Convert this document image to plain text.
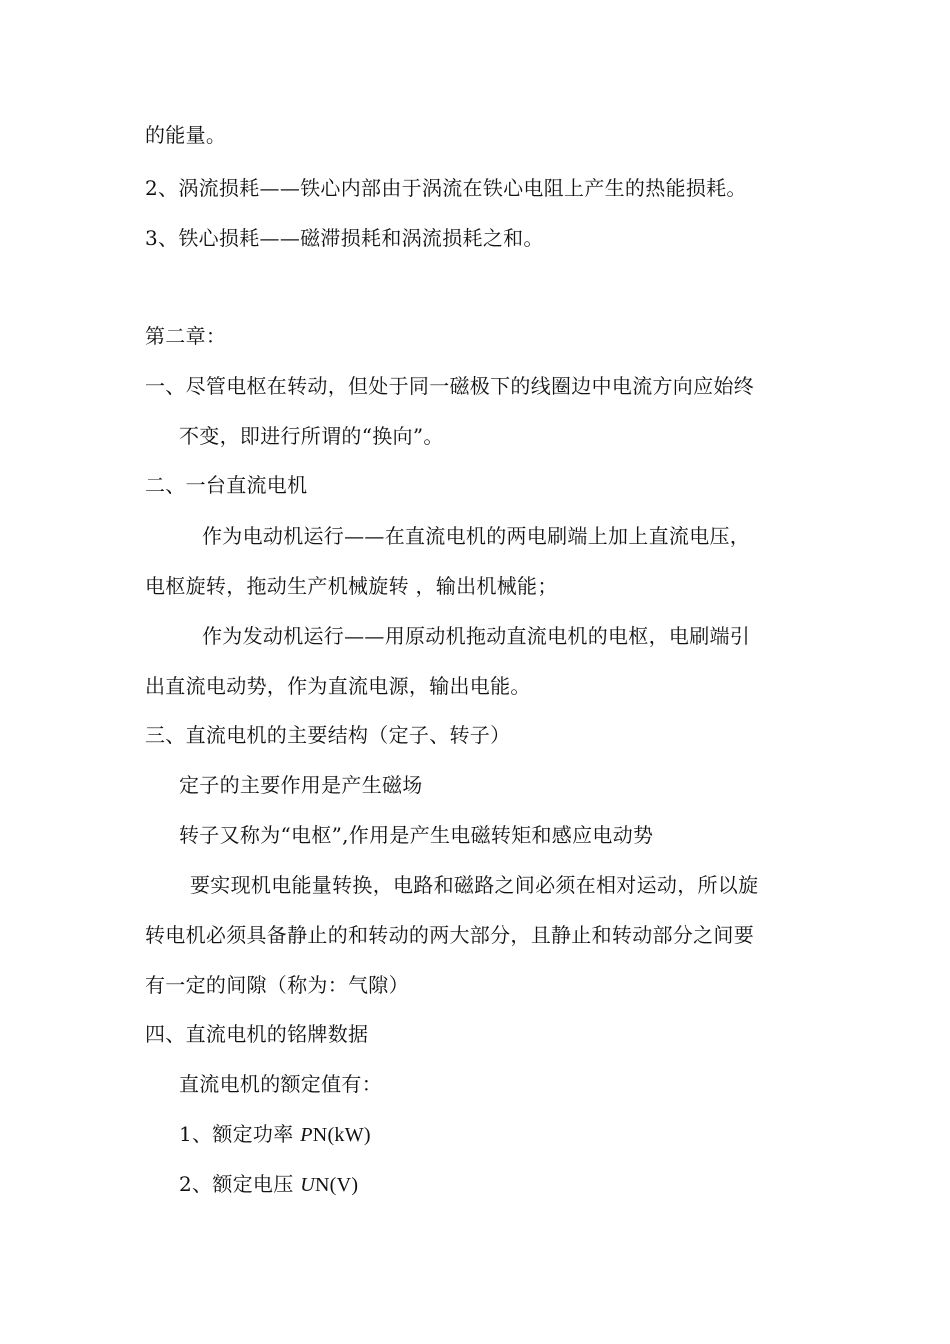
的能量。
2、涡流损耗——铁心内部由于涡流在铁心电阻上产生的热能损耗。
3、铁心损耗——磁滞损耗和涡流损耗之和。
第二章：
一、尽管电枢在转动，但处于同一磁极下的线圈边中电流方向应始终
不变，即进行所谓的“换向”。
二、一台直流电机
作为电动机运行——在直流电机的两电刷端上加上直流电压，
电枢旋转，拖动生产机械旋转 ，输出机械能；
作为发动机运行——用原动机拖动直流电机的电枢，电刷端引
出直流电动势，作为直流电源，输出电能。
三、直流电机的主要结构（定子、转子）
定子的主要作用是产生磁场
转子又称为“电枢”,作用是产生电磁转矩和感应电动势
要实现机电能量转换，电路和磁路之间必须在相对运动，所以旋
转电机必须具备静止的和转动的两大部分，且静止和转动部分之间要
有一定的间隙（称为：气隙）
四、直流电机的铭牌数据
直流电机的额定值有：
1、额定功率 PN(kW)
2、额定电压 UN(V)
